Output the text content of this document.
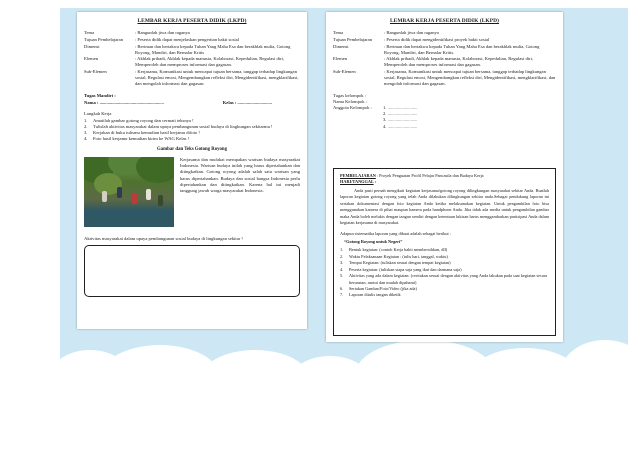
LEMBAR KERJA PESERTA DIDIK (LKPD)
Tema	: Bangunlah jiwa dan raganya
Tujuan Pembelajaran	: Peserta didik dapat menjelaskan pengertian bakti sosial
Dimensi	: Beriman dan bertakwa kepada Tuhan Yang Maha Esa dan berakhlak mulia, Gotong Royong, Mandiri, dan Bernalar Kritis
Elemen	: Akhlak pribadi, Akhlak kepada manusia, Kolaborasi, Kepedulian, Regulasi diri, Memperoleh dan memproses informasi dan gagasan.
Sub-Elemen	: Kerjasama, Komunikasi untuk mencapai tujuan bersama, tanggap terhadap lingkungan sosial, Regulasi emosi, Mengembangkan refleksi diri, Mengidentifikasi, mengklarifikasi, dan mengolah informasi dan gagasan.
Tugas Mandiri :
Nama : ........................................................	Kelas : ..............................
Langkah Kerja
1.	Amatilah gambar gotong royong dan cermati teksnya !
2.	Tulislah aktivitas masyarakat dalam upaya pembangunan sosial budaya di lingkungan sekitarmu !
3.	Kerjakan di buku tulismu kemudian hasil kerjamu difoto !
4.	Foto hasil kerjamu kemudian kirim ke WAG Kelas !
Gambar dan Teks Gotong Royong
Kerjasama dan mufakat merupakan warisan budaya masyarakat Indonesia. Warisan budaya inilah yang harus dipertahankan dan ditingkatkan. Gotong royong adalah salah satu warisan yang harus dipertahankan. Budaya dan sosial bangsa Indonesia perlu dipertahankan dan ditingkatkan. Karena hal ini menjadi tanggung jawab warga masyarakat Indonesia.
Aktivitas masyarakat dalam upaya pembangunan sosial budaya di lingkungan sekitar !
LEMBAR KERJA PESERTA DIDIK (LKPD)
Tema	: Bangunlah jiwa dan raganya
Tujuan Pembelajaran	: Peserta didik dapat mengidentifikasi proyek bakti sosial
Dimensi	: Beriman dan bertakwa kepada Tuhan Yang Maha Esa dan berakhlak mulia, Gotong Royong, Mandiri, dan Bernalar Kritis.
Elemen	: Akhlak pribadi, Akhlak kepada manusia, Kolaborasi, Kepedulian, Regulasi diri, Memperoleh dan memproses informasi dan gagasan.
Sub-Elemen	: Kerjasama, Komunikasi untuk mencapai tujuan bersama, tanggap terhadap lingkungan sosial, Regulasi emosi, Mengembangkan refleksi diri, Mengidentifikasi, mengklarifikasi, dan mengolah informasi dan gagasan.
Tugas kelompok :
Nama Kelompok :
Anggota Kelompok :	1. ..........................
2. ..........................
3. ..........................
4. ..........................
PEMBELAJARAN : Proyek Penguatan Profil Pelajar Pancasila dan Budaya Kerja
HARI/TANGGAL :

Anda pasti pernah mengikuti kegiatan kerjasama/gotong royong dilingkungan masyarakat sekitar Anda. Buatlah laporan kegiatan gotong royong yang telah Anda dilakukan dilingkungan sekitar anda.Sebagai pendukung laporan ini sertakan dokumentasi dengan foto kegiatan Anda ketika melaksanakan kegiatan. Untuk pengambilan foto bisa menggunakan kamera di pihat maupun kamera pada handphone Anda. Jika tidak ada media untuk pengambilan gambar maka Anda boleh melukis dengan tangan sendiri dengan ketentuan lukisan harus menggambarkan partisipasi Anda dalam kegiatan kerjasama di masyarakat.

Adapun sistematika laporan yang dibuat adalah sebagai berikut :

“Gotong Royong untuk Negeri”
1.	Bentuk kegiatan: (contoh Kerja bakti membersihkan, dll)
2.	Waktu Pelaksanaan Kegiatan : (tulis hari, tanggal, waktu)
3.	Tempat Kegiatan: (tuliskan sesuai dengan tempat kegiatan)
4.	Peserta kegiatan: (tuliskan siapa saja yang ikut dan darmana saja)
5.	Aktivitas yang ada dalam kegiatan: (ceritakan sesuai dengan aktivitas yang Anda lakukan pada saat kegiatan secara berurutan, runtut dan mudah dipahami)
6.	Sertakan Gambar/Foto/Video (jika ada)
7.	Laporan ditulis tangan diketik
